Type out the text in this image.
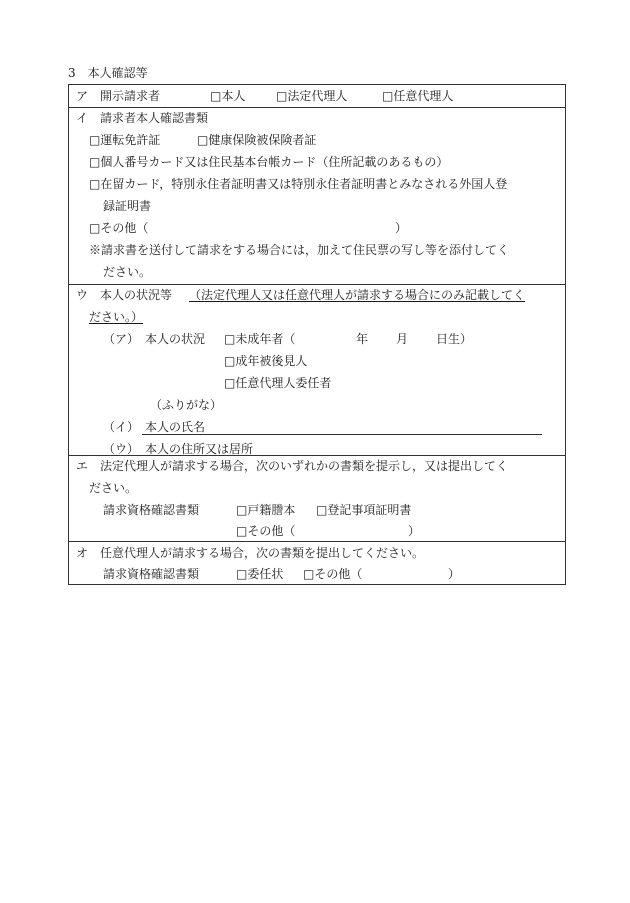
3　本人確認等
ア　開示請求者	□本人	□法定代理人	□任意代理人
イ　請求者本人確認書類
□運転免許証	□健康保険被保険者証
□個人番号カード又は住民基本台帳カード（住所記載のあるもの）
□在留カード，特別永住者証明書又は特別永住者証明書とみなされる外国人登
録証明書
□その他（	）
※請求書を送付して請求をする場合には，加えて住民票の写し等を添付してく
ださい。
ウ　本人の状況等 （法定代理人又は任意代理人が請求する場合にのみ記載してく
ださい。）
（ア）　本人の状況 □未成年者（	年 月 日生）
□成年被後見人
□任意代理人委任者
（ふりがな）
（イ）　本人の氏名
（ウ）　本人の住所又は居所
エ　法定代理人が請求する場合，次のいずれかの書類を提示し，又は提出してく
ださい。
請求資格確認書類	□戸籍謄本 □登記事項証明書
□その他（	）
オ　任意代理人が請求する場合，次の書類を提出してください。
請求資格確認書類	□委任状 □その他（	）
